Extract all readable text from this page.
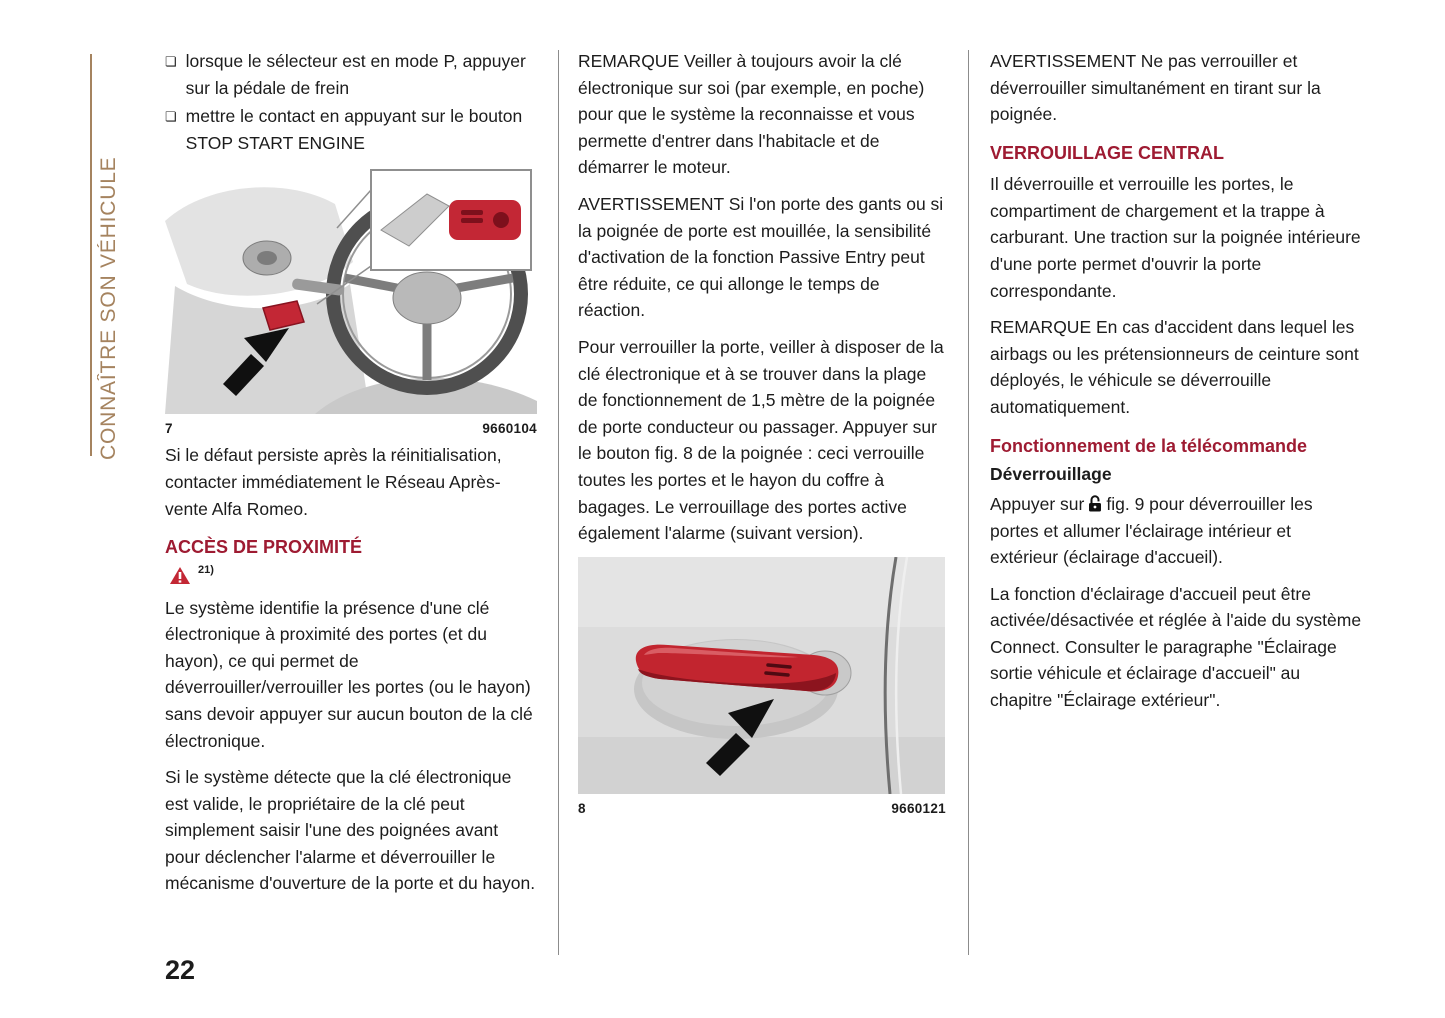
CONNAÎTRE SON VÉHICULE
❏ lorsque le sélecteur est en mode P, appuyer sur la pédale de frein
❏ mettre le contact en appuyant sur le bouton STOP START ENGINE
7	9660104

Si le défaut persiste après la réinitialisation, contacter immédiatement le Réseau Après-vente Alfa Romeo.

ACCÈS DE PROXIMITÉ
21)

Le système identifie la présence d'une clé électronique à proximité des portes (et du hayon), ce qui permet de déverrouiller/verrouiller les portes (ou le hayon) sans devoir appuyer sur aucun bouton de la clé électronique.

Si le système détecte que la clé électronique est valide, le propriétaire de la clé peut simplement saisir l'une des poignées avant pour déclencher l'alarme et déverrouiller le mécanisme d'ouverture de la porte et du hayon.

REMARQUE Veiller à toujours avoir la clé électronique sur soi (par exemple, en poche) pour que le système la reconnaisse et vous permette d'entrer dans l'habitacle et de démarrer le moteur.

AVERTISSEMENT Si l'on porte des gants ou si la poignée de porte est mouillée, la sensibilité d'activation de la fonction Passive Entry peut être réduite, ce qui allonge le temps de réaction.

Pour verrouiller la porte, veiller à disposer de la clé électronique et à se trouver dans la plage de fonctionnement de 1,5 mètre de la poignée de porte conducteur ou passager. Appuyer sur le bouton fig. 8 de la poignée : ceci verrouille toutes les portes et le hayon du coffre à bagages. Le verrouillage des portes active également l'alarme (suivant version).

8	9660121

AVERTISSEMENT Ne pas verrouiller et déverrouiller simultanément en tirant sur la poignée.

VERROUILLAGE CENTRAL

Il déverrouille et verrouille les portes, le compartiment de chargement et la trappe à carburant. Une traction sur la poignée intérieure d'une porte permet d'ouvrir la porte correspondante.

REMARQUE En cas d'accident dans lequel les airbags ou les prétensionneurs de ceinture sont déployés, le véhicule se déverrouille automatiquement.

Fonctionnement de la télécommande
Déverrouillage

Appuyer sur fig. 9 pour déverrouiller les portes et allumer l'éclairage intérieur et extérieur (éclairage d'accueil).

La fonction d'éclairage d'accueil peut être activée/désactivée et réglée à l'aide du système Connect. Consulter le paragraphe "Éclairage sortie véhicule et éclairage d'accueil" au chapitre "Éclairage extérieur".

22
